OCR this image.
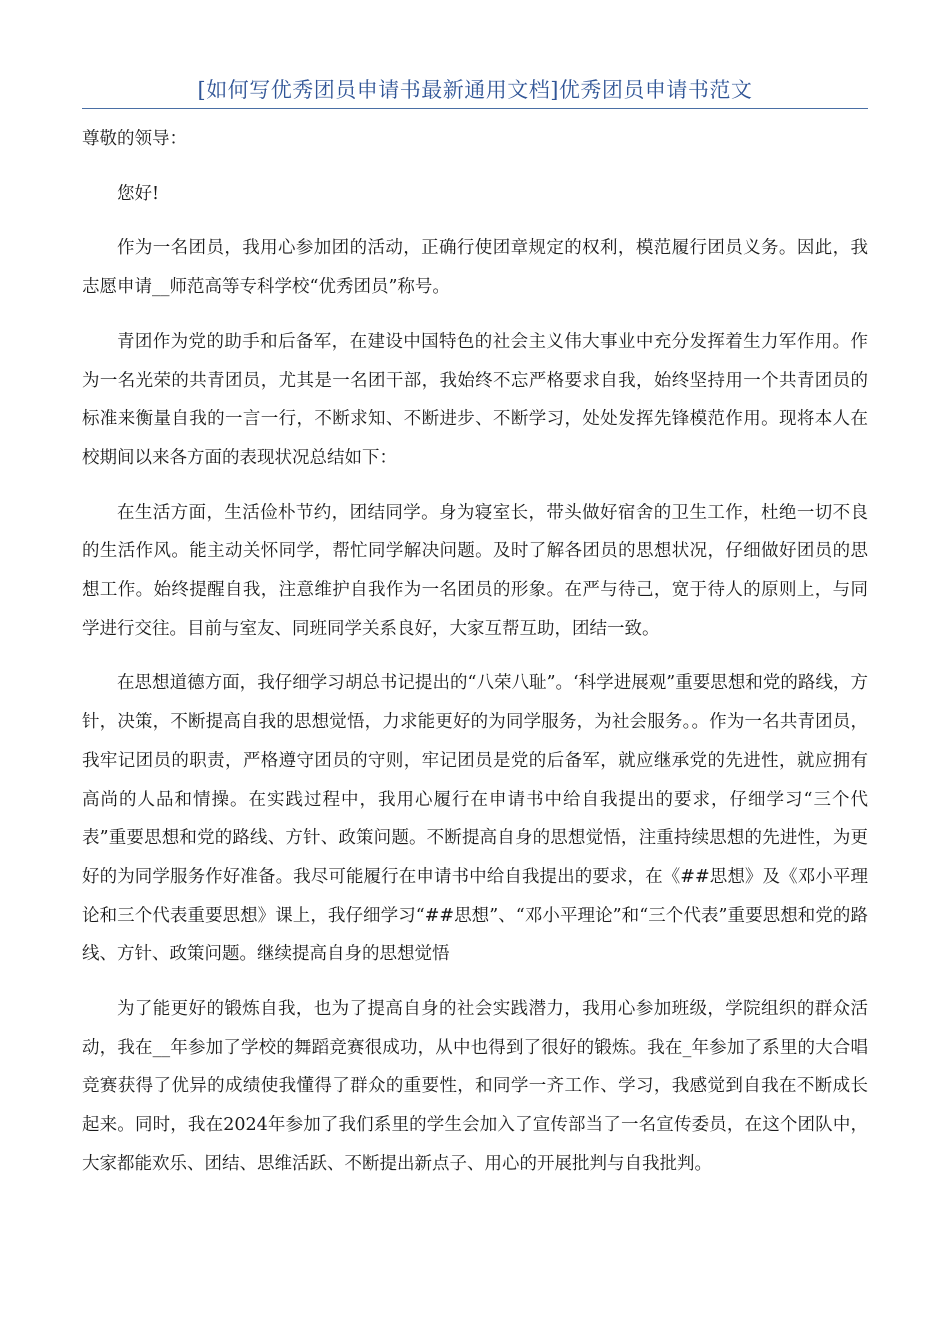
[如何写优秀团员申请书最新通用文档]优秀团员申请书范文

尊敬的领导：

您好!

作为一名团员，我用心参加团的活动，正确行使团章规定的权利，模范履行团员义务。因此，我志愿申请__师范高等专科学校“优秀团员”称号。

青团作为党的助手和后备军，在建设中国特色的社会主义伟大事业中充分发挥着生力军作用。作为一名光荣的共青团员，尤其是一名团干部，我始终不忘严格要求自我，始终坚持用一个共青团员的标准来衡量自我的一言一行，不断求知、不断进步、不断学习，处处发挥先锋模范作用。现将本人在校期间以来各方面的表现状况总结如下：

在生活方面，生活俭朴节约，团结同学。身为寝室长，带头做好宿舍的卫生工作，杜绝一切不良的生活作风。能主动关怀同学，帮忙同学解决问题。及时了解各团员的思想状况，仔细做好团员的思想工作。始终提醒自我，注意维护自我作为一名团员的形象。在严与待己，宽于待人的原则上，与同学进行交往。目前与室友、同班同学关系良好，大家互帮互助，团结一致。

在思想道德方面，我仔细学习胡总书记提出的“八荣八耻”。‘科学进展观”重要思想和党的路线，方针，决策，不断提高自我的思想觉悟，力求能更好的为同学服务，为社会服务。。作为一名共青团员，我牢记团员的职责，严格遵守团员的守则，牢记团员是党的后备军，就应继承党的先进性，就应拥有高尚的人品和情操。在实践过程中，我用心履行在申请书中给自我提出的要求，仔细学习“三个代表”重要思想和党的路线、方针、政策问题。不断提高自身的思想觉悟，注重持续思想的先进性，为更好的为同学服务作好准备。我尽可能履行在申请书中给自我提出的要求，在《##思想》及《邓小平理论和三个代表重要思想》课上，我仔细学习“##思想”、“邓小平理论”和“三个代表”重要思想和党的路线、方针、政策问题。继续提高自身的思想觉悟

为了能更好的锻炼自我，也为了提高自身的社会实践潜力，我用心参加班级，学院组织的群众活动，我在__年参加了学校的舞蹈竞赛很成功，从中也得到了很好的锻炼。我在_年参加了系里的大合唱竞赛获得了优异的成绩使我懂得了群众的重要性，和同学一齐工作、学习，我感觉到自我在不断成长起来。同时，我在2024年参加了我们系里的学生会加入了宣传部当了一名宣传委员，在这个团队中，大家都能欢乐、团结、思维活跃、不断提出新点子、用心的开展批判与自我批判。
